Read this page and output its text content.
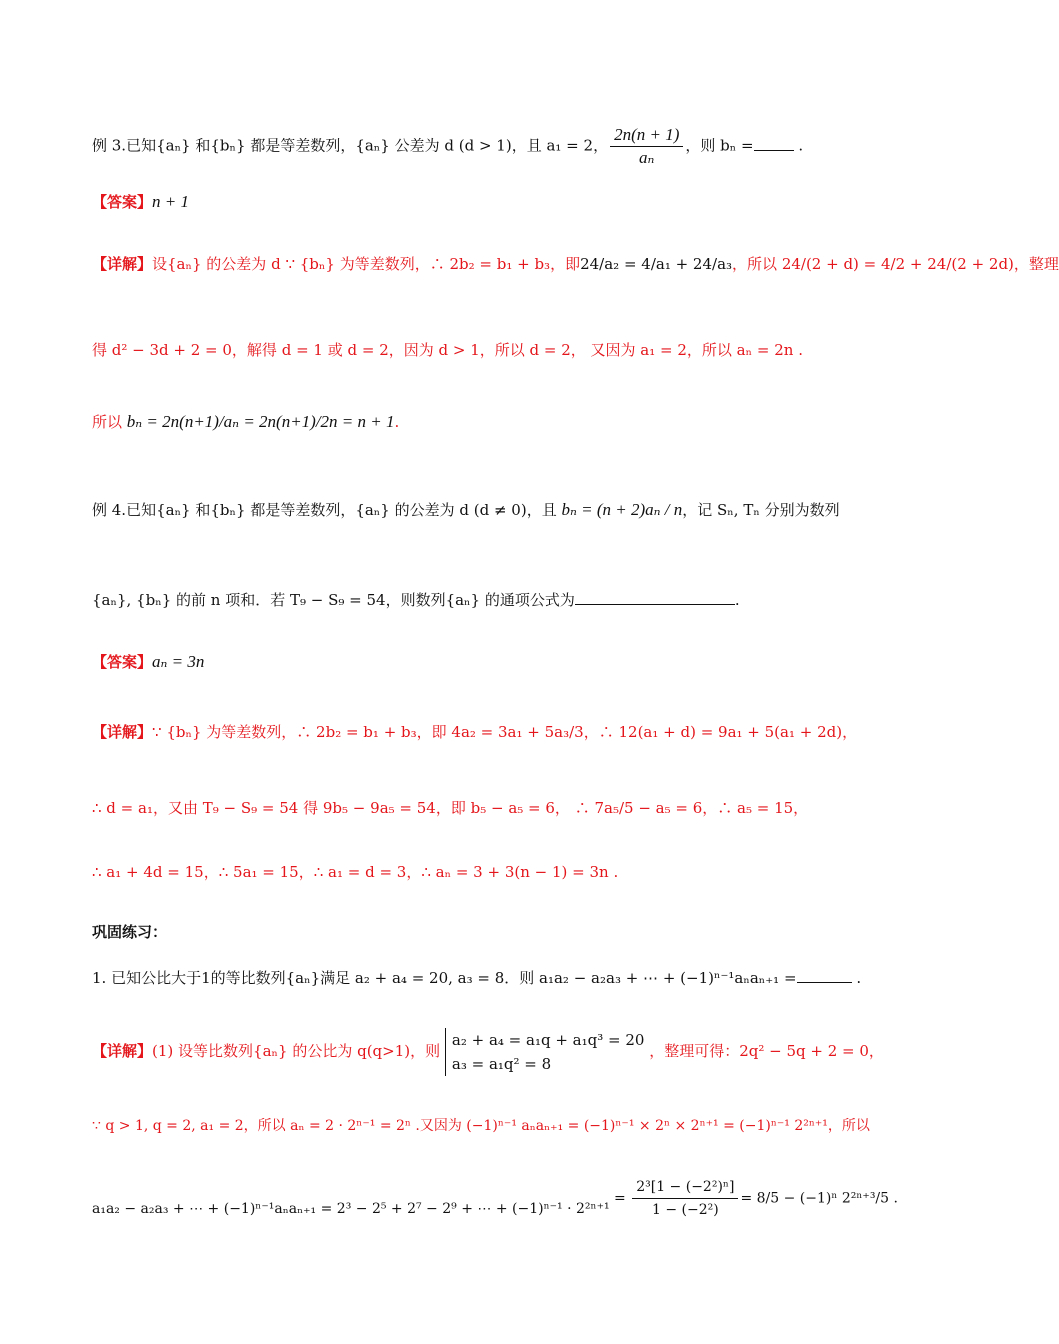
例 3.已知{aₙ} 和{bₙ} 都是等差数列，{aₙ} 公差为 d (d > 1)，且 a₁ = 2， $\frac{2n(n + 1)}{\text{aₙ}}$ ，则 bₙ =	.
【答案】n + 1
【详解】设{aₙ} 的公差为 d ∵ {bₙ} 为等差数列，∴ 2b₂ = b₁ + b₃，即24/a₂ = 4/a₁ + 24/a₃，所以 24/(2 + d) = 4/2 + 24/(2 + 2d)，整理
得 d² − 3d + 2 = 0，解得 d = 1 或 d = 2，因为 d > 1，所以 d = 2， 又因为 a₁ = 2，所以 aₙ = 2n .
所以 bₙ = 2n(n+1)/aₙ = 2n(n+1)/2n = n + 1.
例 4.已知{aₙ} 和{bₙ} 都是等差数列，{aₙ} 的公差为 d (d ≠ 0)，且 bₙ = (n + 2)aₙ / n，记 Sₙ, Tₙ 分别为数列
{aₙ}, {bₙ} 的前 n 项和．若 T₉ − S₉ = 54，则数列{aₙ} 的通项公式为	.
【答案】aₙ = 3n
【详解】∵ {bₙ} 为等差数列，∴ 2b₂ = b₁ + b₃，即 4a₂ = 3a₁ + 5a₃/3，∴ 12(a₁ + d) = 9a₁ + 5(a₁ + 2d)，
∴ d = a₁，又由 T₉ − S₉ = 54 得 9b₅ − 9a₅ = 54，即 b₅ − a₅ = 6， ∴ 7a₅/5 − a₅ = 6，∴ a₅ = 15，
∴ a₁ + 4d = 15，∴ 5a₁ = 15，∴ a₁ = d = 3，∴ aₙ = 3 + 3(n − 1) = 3n .
巩固练习：
1. 已知公比大于1的等比数列{aₙ}满足 a₂ + a₄ = 20, a₃ = 8．则 a₁a₂ − a₂a₃ + ⋯ + (−1)ⁿ⁻¹aₙaₙ₊₁ =	.
【详解】(1) 设等比数列{aₙ} 的公比为 q(q>1)，则
a₂ + a₄ = a₁q + a₁q³ = 20
a₃ = a₁q² = 8
，整理可得：2q² − 5q + 2 = 0，
∵ q > 1, q = 2, a₁ = 2，所以 aₙ = 2 · 2ⁿ⁻¹ = 2ⁿ .又因为 (−1)ⁿ⁻¹ aₙaₙ₊₁ = (−1)ⁿ⁻¹ × 2ⁿ × 2ⁿ⁺¹ = (−1)ⁿ⁻¹ 2²ⁿ⁺¹，所以
a₁a₂ − a₂a₃ + ⋯ + (−1)ⁿ⁻¹aₙaₙ₊₁ = 2³ − 2⁵ + 2⁷ − 2⁹ + ⋯ + $(-1)^{n-1} \cdot 2^{2n+1} = \frac{\text{2³[1 − (−2²)ⁿ]}}{\text{1 − (−2²)}} = 8/5 - (-1)^n$ 2²ⁿ⁺³/5 .
